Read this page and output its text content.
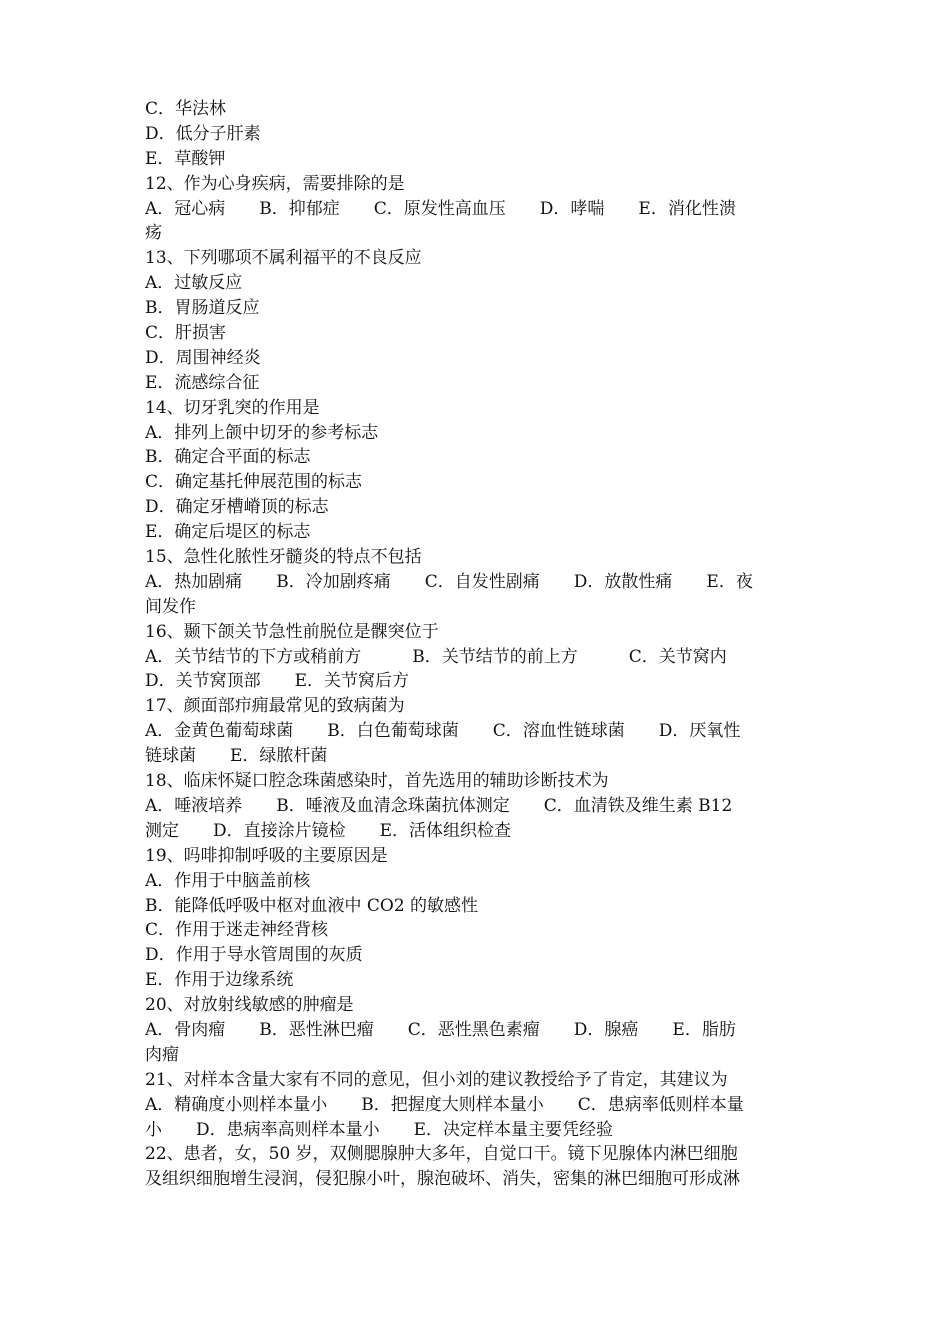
C．华法林
D．低分子肝素
E．草酸钾
12、作为心身疾病，需要排除的是
A．冠心病　　B．抑郁症　　C．原发性高血压　　D．哮喘　　E．消化性溃
疡
13、下列哪项不属利福平的不良反应
A．过敏反应
B．胃肠道反应
C．肝损害
D．周围神经炎
E．流感综合征
14、切牙乳突的作用是
A．排列上颌中切牙的参考标志
B．确定合平面的标志
C．确定基托伸展范围的标志
D．确定牙槽嵴顶的标志
E．确定后堤区的标志
15、急性化脓性牙髓炎的特点不包括
A．热加剧痛　　B．冷加剧疼痛　　C．自发性剧痛　　D．放散性痛　　E．夜
间发作
16、颞下颌关节急性前脱位是髁突位于
A．关节结节的下方或稍前方　　　B．关节结节的前上方　　　C．关节窝内
D．关节窝顶部　　E．关节窝后方
17、颜面部疖痈最常见的致病菌为
A．金黄色葡萄球菌　　B．白色葡萄球菌　　C．溶血性链球菌　　D．厌氧性
链球菌　　E．绿脓杆菌
18、临床怀疑口腔念珠菌感染时，首先选用的辅助诊断技术为
A．唾液培养　　B．唾液及血清念珠菌抗体测定　　C．血清铁及维生素 B12
测定　　D．直接涂片镜检　　E．活体组织检查
19、吗啡抑制呼吸的主要原因是
A．作用于中脑盖前核
B．能降低呼吸中枢对血液中 CO2 的敏感性
C．作用于迷走神经背核
D．作用于导水管周围的灰质
E．作用于边缘系统
20、对放射线敏感的肿瘤是
A．骨肉瘤　　B．恶性淋巴瘤　　C．恶性黑色素瘤　　D．腺癌　　E．脂肪
肉瘤
21、对样本含量大家有不同的意见，但小刘的建议教授给予了肯定，其建议为
A．精确度小则样本量小　　B．把握度大则样本量小　　C．患病率低则样本量
小　　D．患病率高则样本量小　　E．决定样本量主要凭经验
22、患者，女，50 岁，双侧腮腺肿大多年，自觉口干。镜下见腺体内淋巴细胞
及组织细胞增生浸润，侵犯腺小叶，腺泡破坏、消失，密集的淋巴细胞可形成淋
